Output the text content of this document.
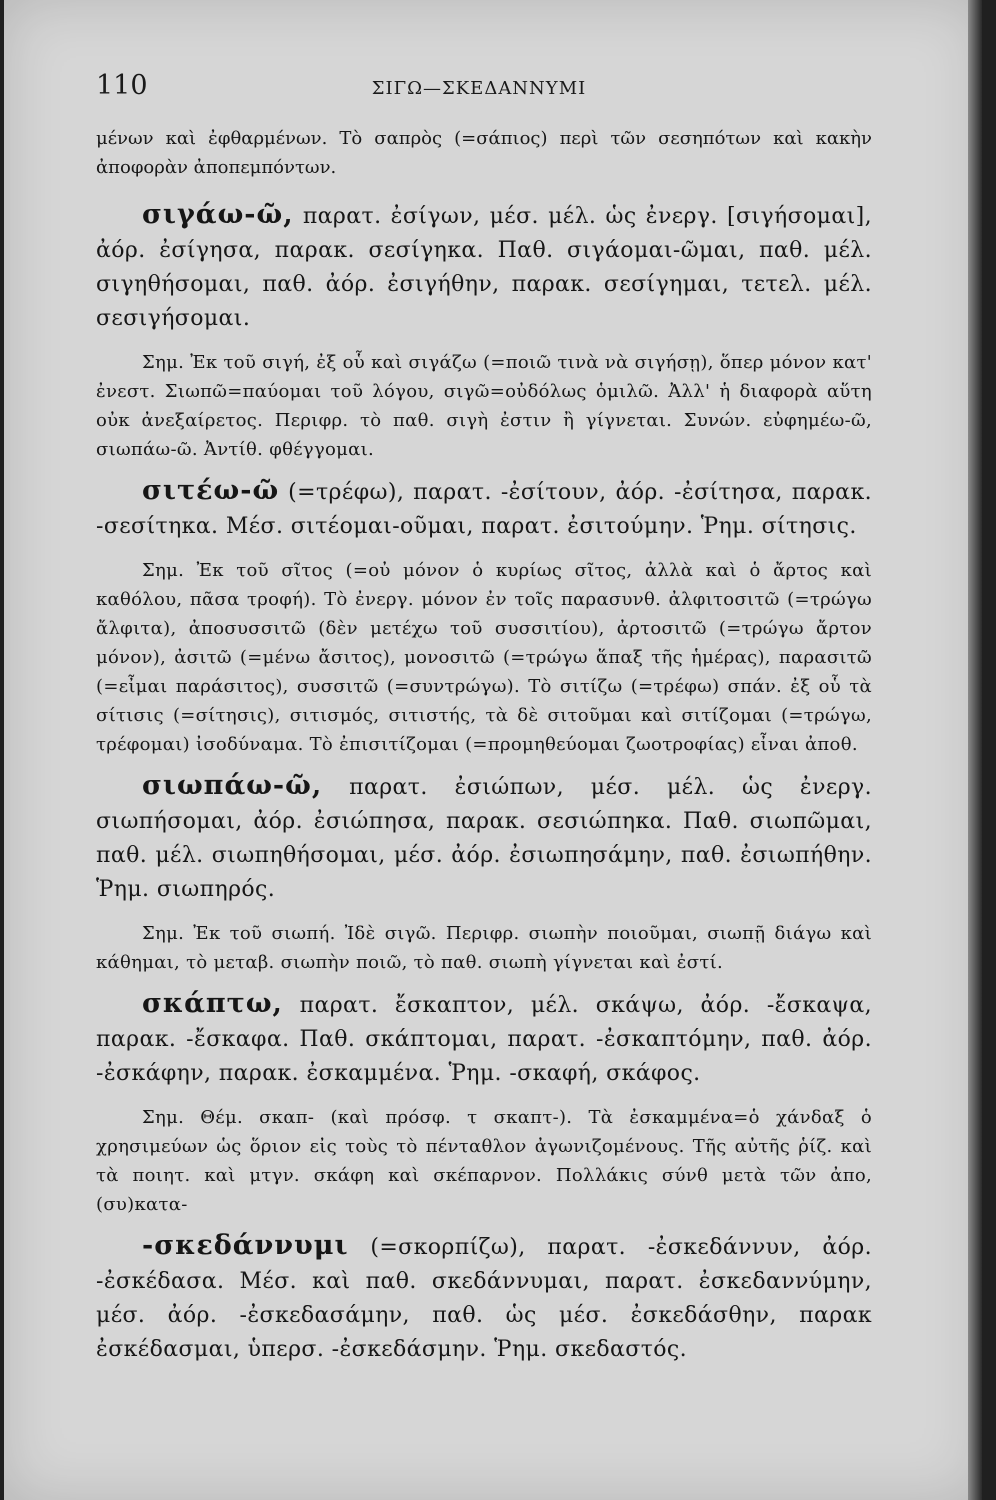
110	ΣΙΓΩ—ΣΚΕΔΑΝΝΥΜΙ

μένων καὶ ἐφθαρμένων. Τὸ σαπρὸς (=σάπιος) περὶ τῶν σεσηπότων καὶ κακὴν ἀποφορὰν ἀποπεμπόντων.

σιγάω-ῶ, παρατ. ἐσίγων, μέσ. μέλ. ὡς ἐνεργ. [σιγήσομαι], ἀόρ. ἐσίγησα, παρακ. σεσίγηκα. Παθ. σιγάομαι-ῶμαι, παθ. μέλ. σιγηθήσομαι, παθ. ἀόρ. ἐσιγήθην, παρακ. σεσίγημαι, τετελ. μέλ. σεσιγήσομαι.

Σημ. Ἐκ τοῦ σιγή, ἐξ οὗ καὶ σιγάζω (=ποιῶ τινὰ νὰ σιγήσῃ), ὅπερ μόνον κατ' ἐνεστ. Σιωπῶ=παύομαι τοῦ λόγου, σιγῶ=οὐδόλως ὁμιλῶ. Ἀλλ' ἡ διαφορὰ αὕτη οὐκ ἀνεξαίρετος. Περιφρ. τὸ παθ. σιγὴ ἐστιν ἢ γίγνεται. Συνών. εὐφημέω-ῶ, σιωπάω-ῶ. Ἀντίθ. φθέγγομαι.

σιτέω-ῶ (=τρέφω), παρατ. -ἐσίτουν, ἀόρ. -ἐσίτησα, παρακ. -σεσίτηκα. Μέσ. σιτέομαι-οῦμαι, παρατ. ἐσιτούμην. Ῥημ. σίτησις.

Σημ. Ἐκ τοῦ σῖτος (=οὐ μόνον ὁ κυρίως σῖτος, ἀλλὰ καὶ ὁ ἄρτος καὶ καθόλου, πᾶσα τροφή). Τὸ ἐνεργ. μόνον ἐν τοῖς παρασυνθ. ἀλφιτοσιτῶ (=τρώγω ἄλφιτα), ἀποσυσσιτῶ (δὲν μετέχω τοῦ συσσιτίου), ἀρτοσιτῶ (=τρώγω ἄρτον μόνον), ἀσιτῶ (=μένω ἄσιτος), μονοσιτῶ (=τρώγω ἅπαξ τῆς ἡμέρας), παρασιτῶ (=εἶμαι παράσιτος), συσσιτῶ (=συντρώγω). Τὸ σιτίζω (=τρέφω) σπάν. ἐξ οὗ τὰ σίτισις (=σίτησις), σιτισμός, σιτιστής, τὰ δὲ σιτοῦμαι καὶ σιτίζομαι (=τρώγω, τρέφομαι) ἰσοδύναμα. Τὸ ἐπισιτίζομαι (=προμηθεύομαι ζωοτροφίας) εἶναι ἀποθ.

σιωπάω-ῶ, παρατ. ἐσιώπων, μέσ. μέλ. ὡς ἐνεργ. σιωπήσομαι, ἀόρ. ἐσιώπησα, παρακ. σεσιώπηκα. Παθ. σιωπῶμαι, παθ. μέλ. σιωπηθήσομαι, μέσ. ἀόρ. ἐσιωπησάμην, παθ. ἐσιωπήθην. Ῥημ. σιωπηρός.

Σημ. Ἐκ τοῦ σιωπή. Ἰδὲ σιγῶ. Περιφρ. σιωπὴν ποιοῦμαι, σιωπῇ διάγω καὶ κάθημαι, τὸ μεταβ. σιωπὴν ποιῶ, τὸ παθ. σιωπὴ γίγνεται καὶ ἐστί.

σκάπτω, παρατ. ἔσκαπτον, μέλ. σκάψω, ἀόρ. -ἔσκαψα, παρακ. -ἔσκαφα. Παθ. σκάπτομαι, παρατ. -ἐσκαπτόμην, παθ. ἀόρ. -ἐσκάφην, παρακ. ἐσκαμμένα. Ῥημ. -σκαφή, σκάφος.

Σημ. Θέμ. σκαπ- (καὶ πρόσφ. τ σκαπτ-). Τὰ ἐσκαμμένα=ὁ χάνδαξ ὁ χρησιμεύων ὡς ὅριον εἰς τοὺς τὸ πένταθλον ἀγωνιζομένους. Τῆς αὐτῆς ῥίζ. καὶ τὰ ποιητ. καὶ μτγν. σκάφη καὶ σκέπαρνον. Πολλάκις σύνθ μετὰ τῶν ἀπο, (συ)κατα-

-σκεδάννυμι (=σκορπίζω), παρατ. -ἐσκεδάννυν, ἀόρ. -ἐσκέδασα. Μέσ. καὶ παθ. σκεδάννυμαι, παρατ. ἐσκεδαννύμην, μέσ. ἀόρ. -ἐσκεδασάμην, παθ. ὡς μέσ. ἐσκεδάσθην, παρακ ἐσκέδασμαι, ὑπερσ. -ἐσκεδάσμην. Ῥημ. σκεδαστός.
